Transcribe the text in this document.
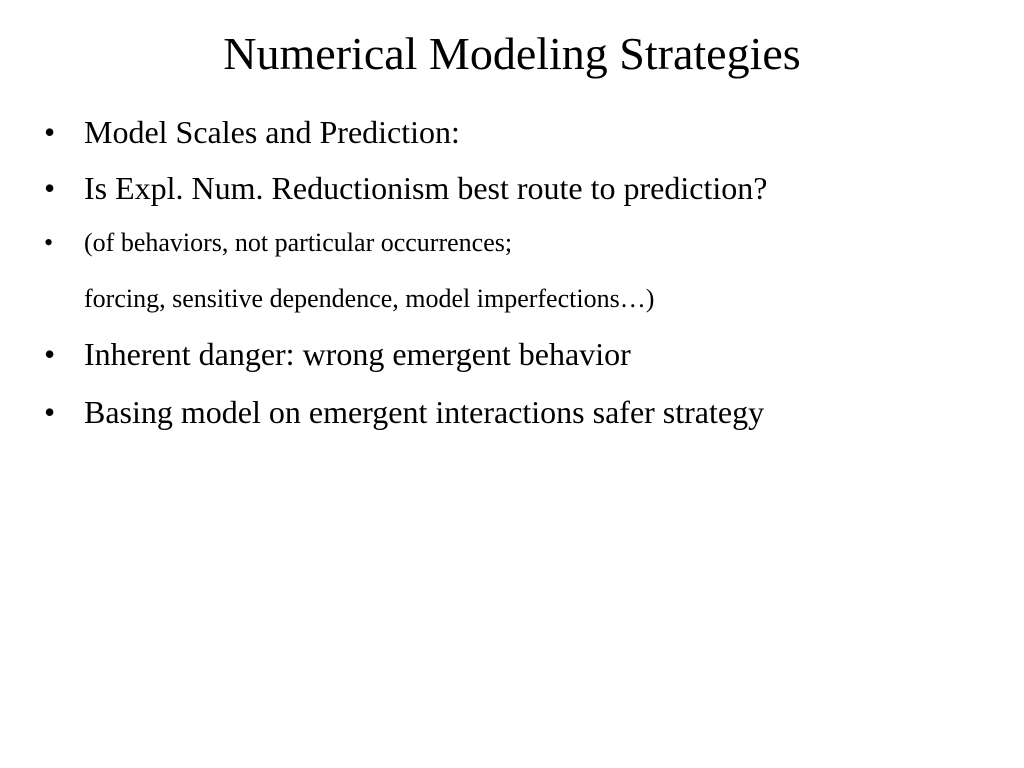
Numerical Modeling Strategies
• Model Scales and Prediction:
• Is Expl. Num. Reductionism best route to prediction?
• (of behaviors, not particular occurrences;
forcing, sensitive dependence, model imperfections…)
• Inherent danger: wrong emergent behavior
• Basing model on emergent interactions safer strategy
